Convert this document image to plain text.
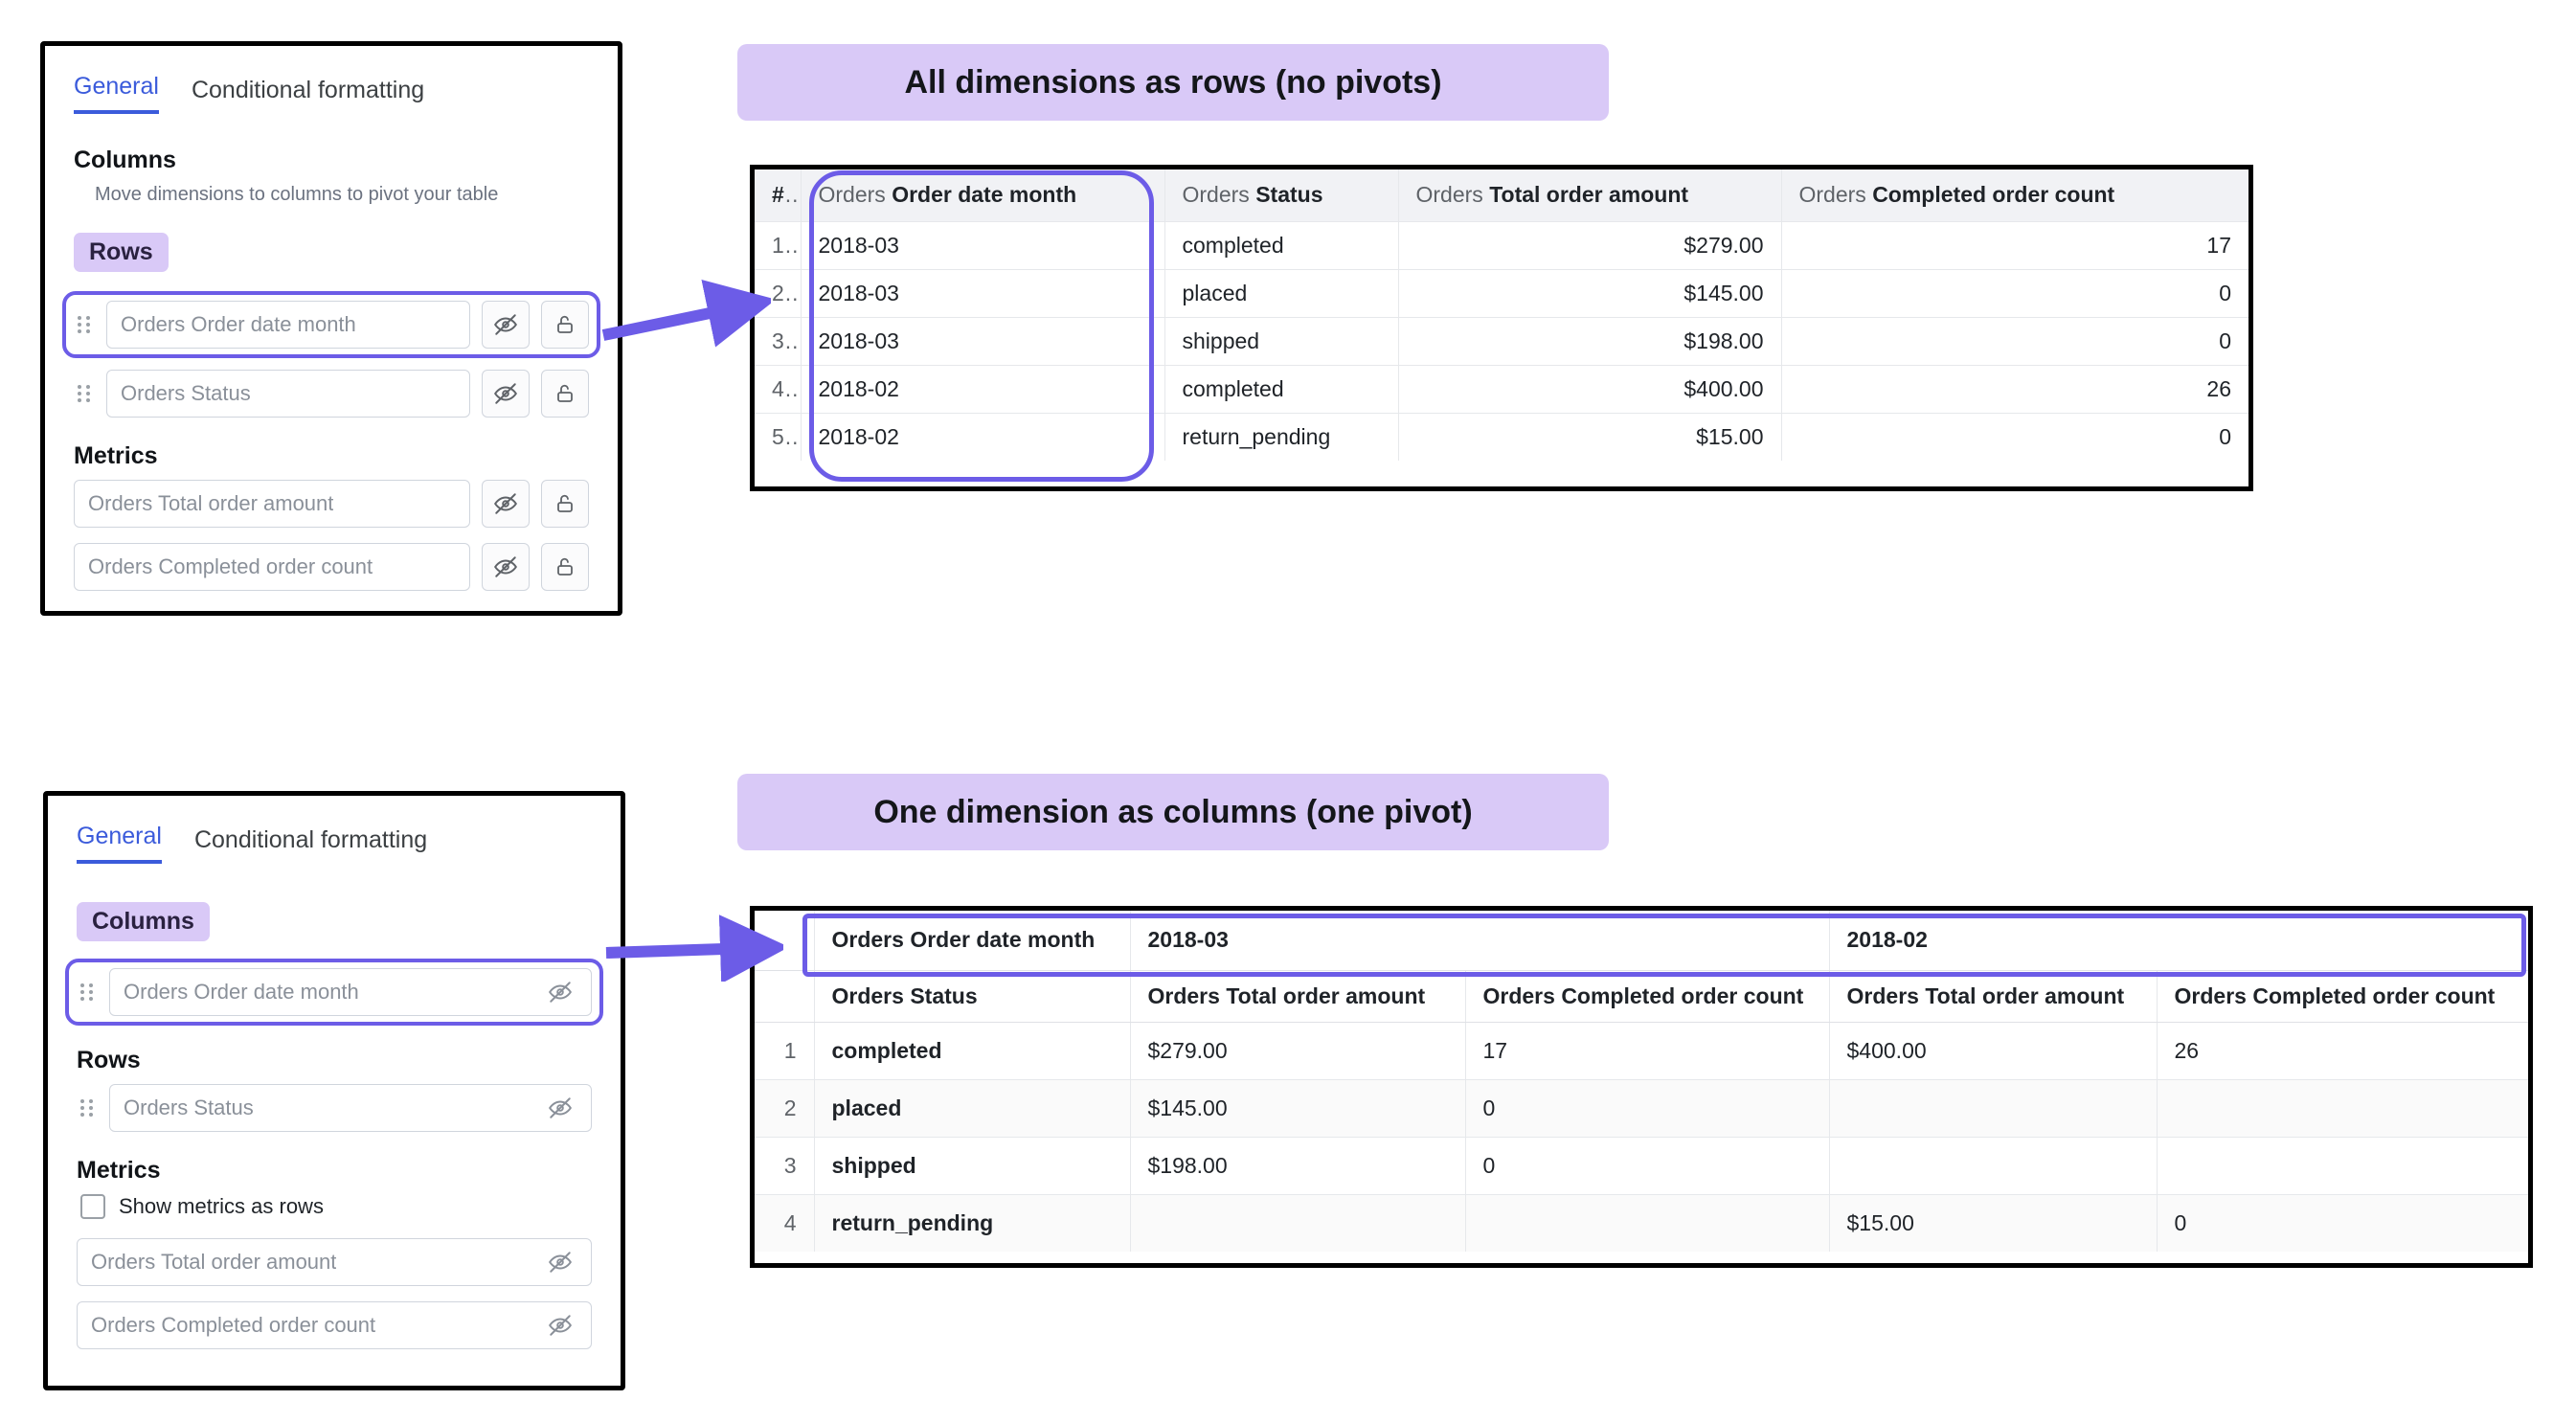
General Conditional formatting
Columns
Move dimensions to columns to pivot your table
Rows
Orders Order date month
Orders Status
Metrics
Orders Total order amount
Orders Completed order count
All dimensions as rows (no pivots)
#	Orders Order date month	Orders Status	Orders Total order amount	Orders Completed order count
1	2018-03	completed	$279.00	17
2	2018-03	placed	$145.00	0
3	2018-03	shipped	$198.00	0
4	2018-02	completed	$400.00	26
5	2018-02	return_pending	$15.00	0
General Conditional formatting
Columns
Orders Order date month
Rows
Orders Status
Metrics
Show metrics as rows
Orders Total order amount
Orders Completed order count
One dimension as columns (one pivot)
	Orders Order date month	2018-03		2018-02	
	Orders Status	Orders Total order amount	Orders Completed order count	Orders Total order amount	Orders Completed order count
1	completed	$279.00	17	$400.00	26
2	placed	$145.00	0		
3	shipped	$198.00	0		
4	return_pending			$15.00	0
